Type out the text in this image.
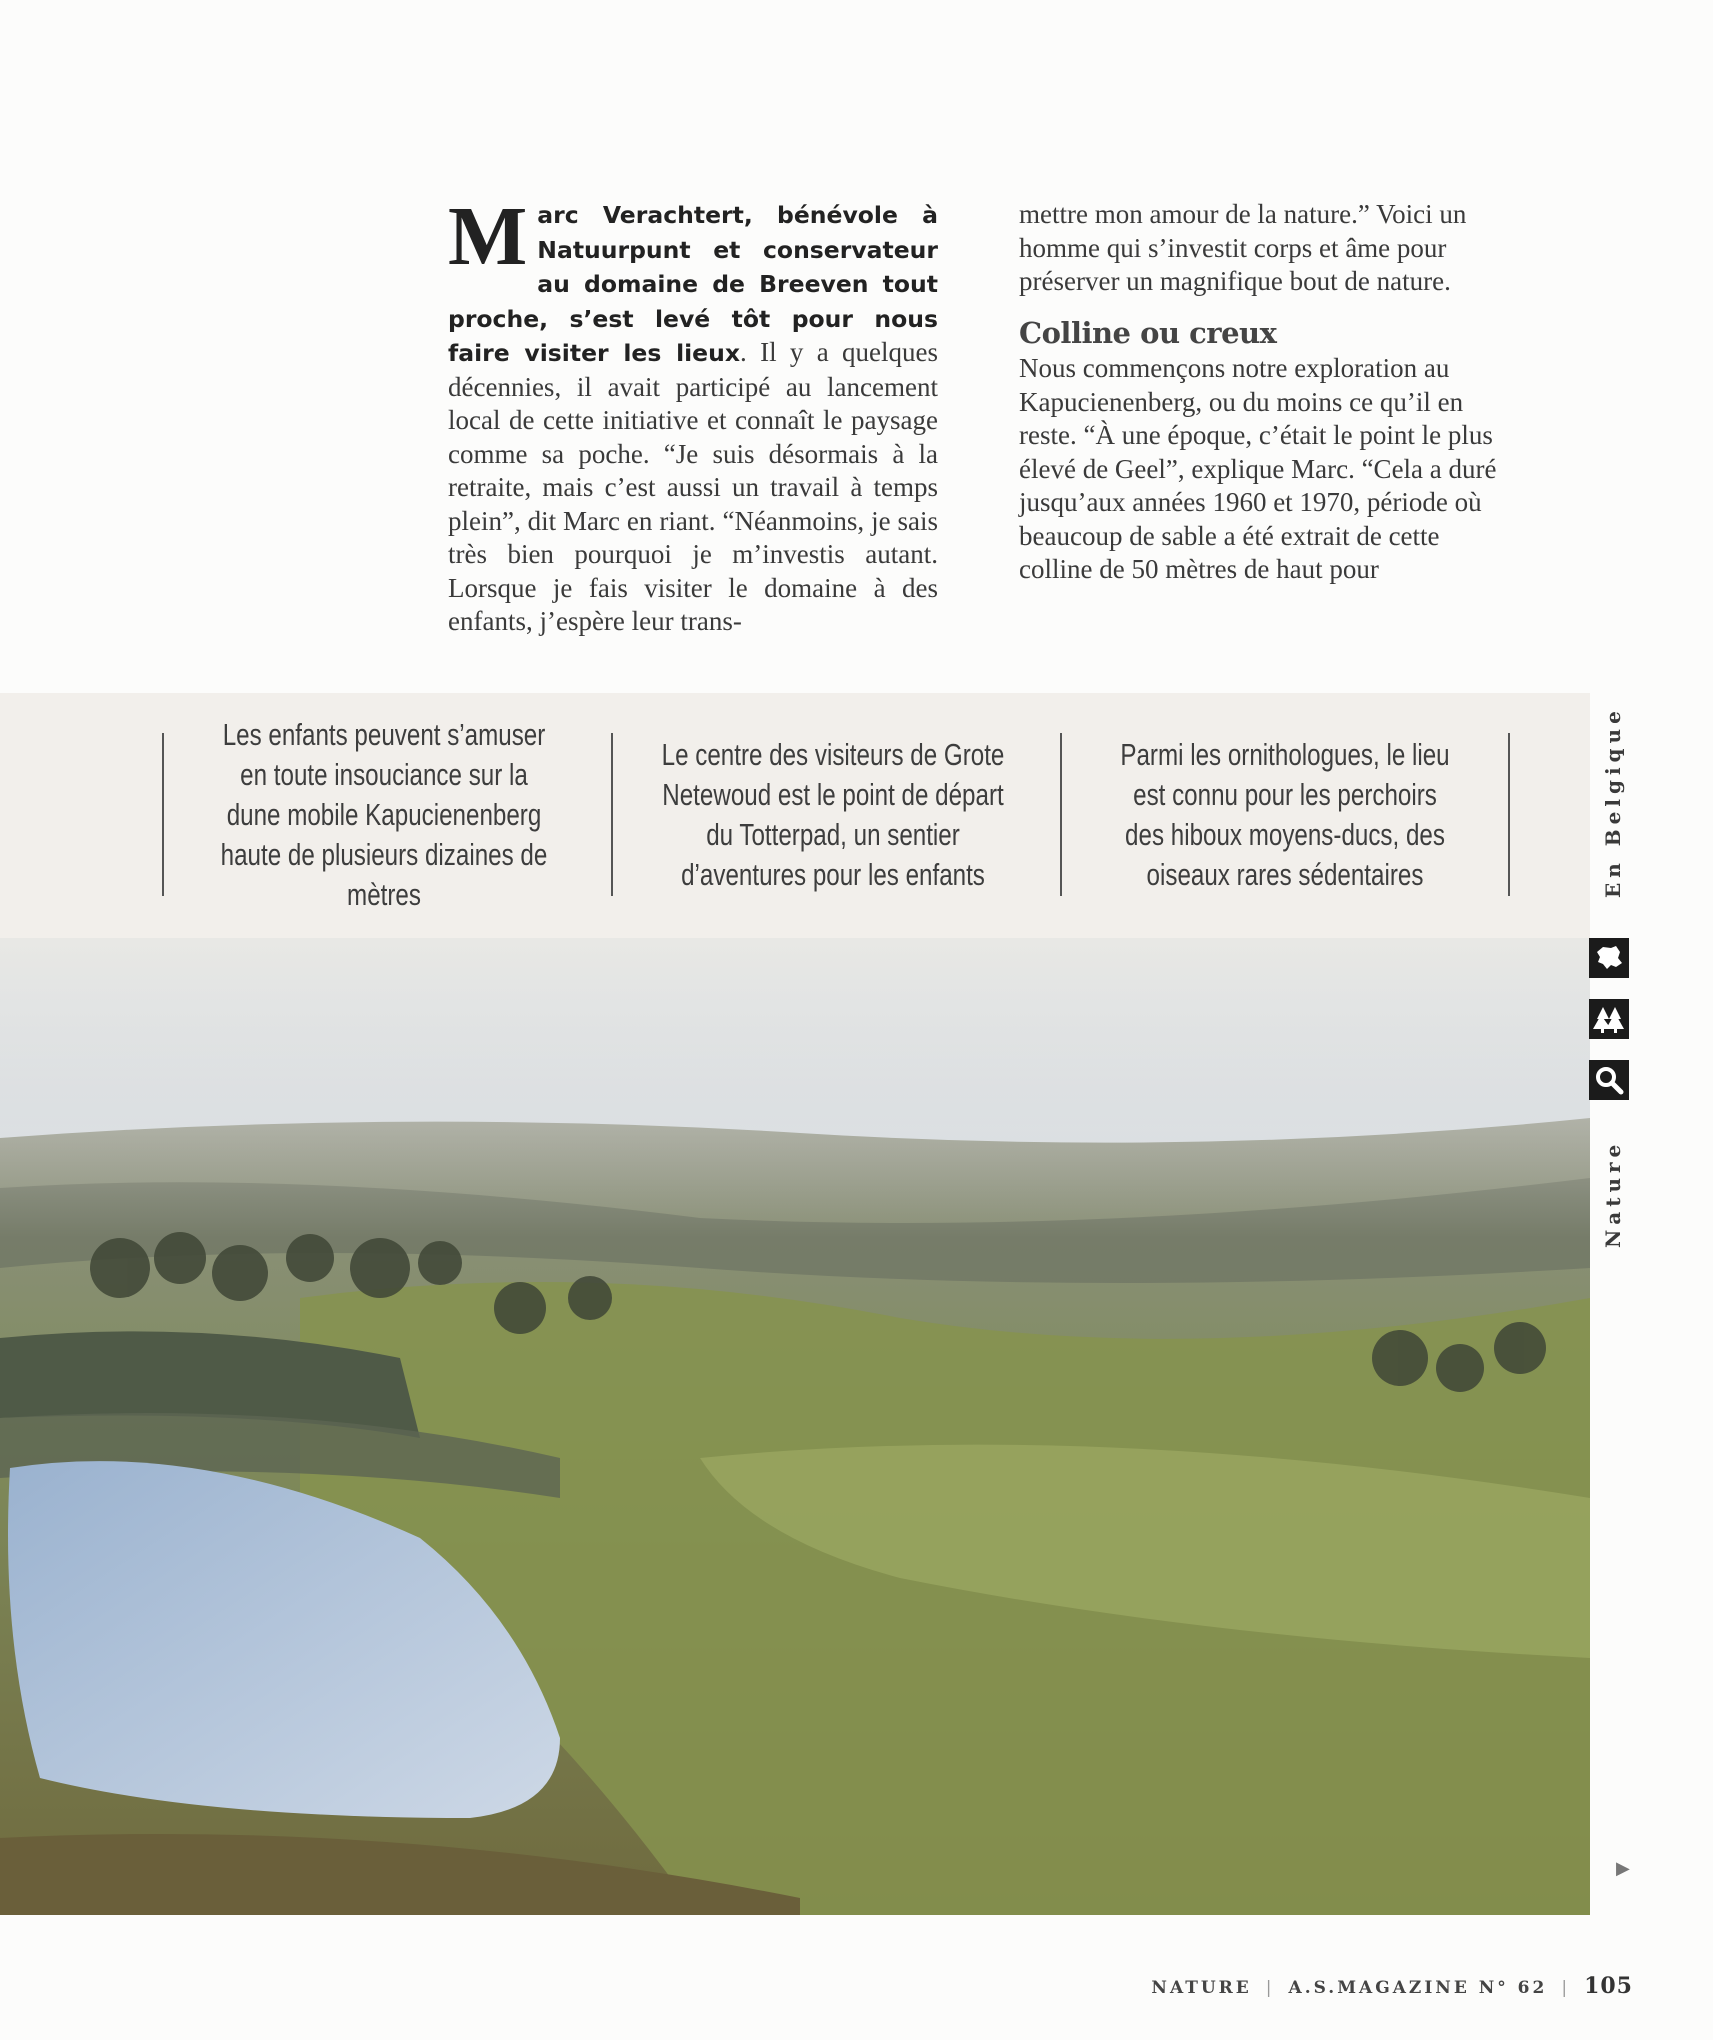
Marc Verachtert, bénévole à Natuurpunt et conservateur au domaine de Breeven tout proche, s’est levé tôt pour nous faire visiter les lieux. Il y a quelques décennies, il avait participé au lancement local de cette initiative et connaît le paysage comme sa poche. “Je suis désormais à la retraite, mais c’est aussi un travail à temps plein”, dit Marc en riant. “Néanmoins, je sais très bien pourquoi je m’investis autant. Lorsque je fais visiter le domaine à des enfants, j’espère leur trans-
mettre mon amour de la nature.” Voici un homme qui s’investit corps et âme pour préserver un magnifique bout de nature.
Colline ou creux
Nous commençons notre exploration au Kapucienenberg, ou du moins ce qu’il en reste. “À une époque, c’était le point le plus élevé de Geel”, explique Marc. “Cela a duré jusqu’aux années 1960 et 1970, période où beaucoup de sable a été extrait de cette colline de 50 mètres de haut pour
Les enfants peuvent s’amuser en toute insouciance sur la dune mobile Kapucienenberg haute de plusieurs dizaines de mètres
Le centre des visiteurs de Grote Netewoud est le point de départ du Totterpad, un sentier d’aventures pour les enfants
Parmi les ornithologues, le lieu est connu pour les perchoirs des hiboux moyens-ducs, des oiseaux rares sédentaires	En Belgique
Nature
▶
NATURE | A.S.MAGAZINE N° 62 | 105
